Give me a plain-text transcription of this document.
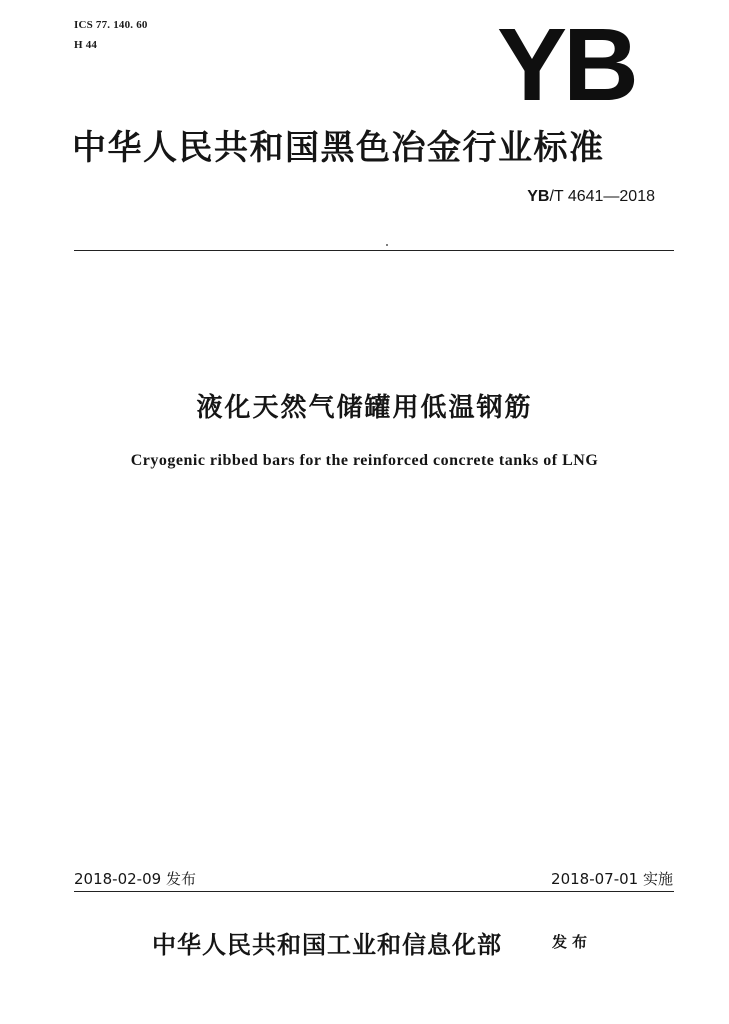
ICS 77. 140. 60
H 44	YB
中华人民共和国黑色冶金行业标准
YB/T 4641—2018
液化天然气储罐用低温钢筋
Cryogenic ribbed bars for the reinforced concrete tanks of LNG
2018-02-09 发布	2018-07-01 实施
中华人民共和国工业和信息化部	发布
